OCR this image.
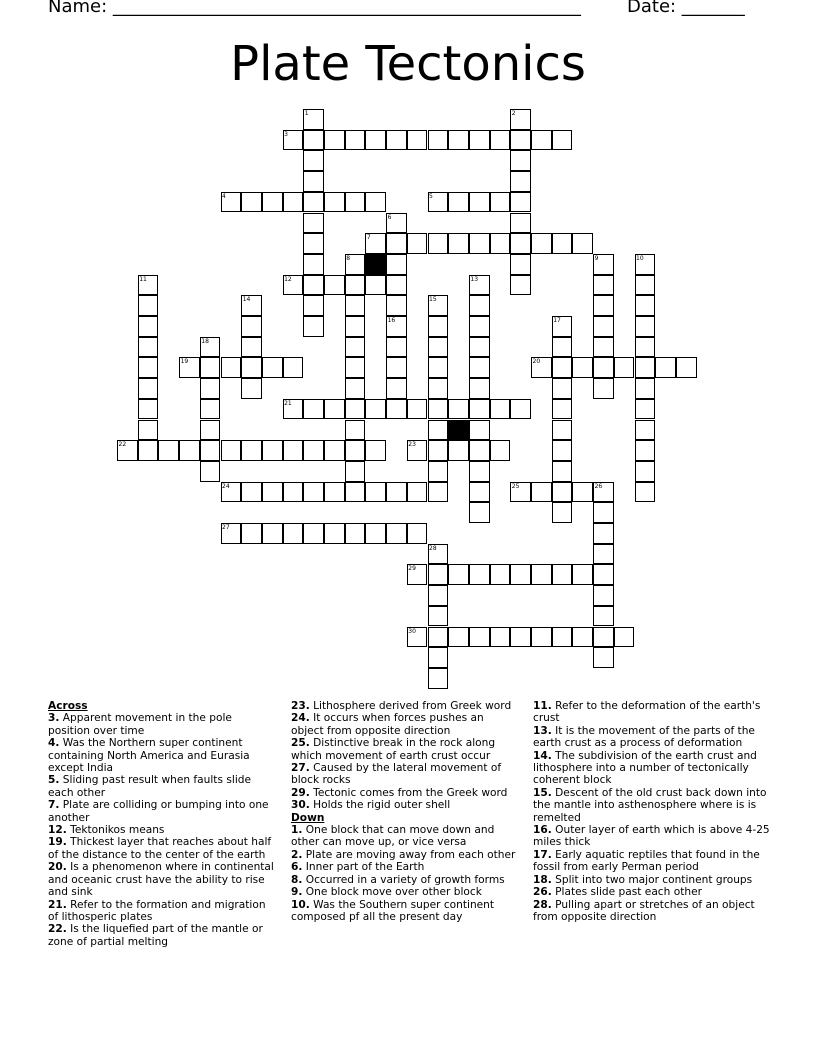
Name: ____________________________________________________	Date: _______
Plate Tectonics
1	2
3
4	5
6
7
8	9	10
11	12	13
14	15
16	17
18
19	20
21
22	23
24	25	26
27
28
29
30
Across
3. Apparent movement in the pole position over time
4. Was the Northern super continent containing North America and Eurasia except India
5. Sliding past result when faults slide each other
7. Plate are colliding or bumping into one another
12. Tektonikos means
19. Thickest layer that reaches about half of the distance to the center of the earth
20. Is a phenomenon where in continental and oceanic crust have the ability to rise and sink
21. Refer to the formation and migration of lithosperic plates
22. Is the liquefied part of the mantle or zone of partial melting
23. Lithosphere derived from Greek word
24. It occurs when forces pushes an object from opposite direction
25. Distinctive break in the rock along which movement of earth crust occur
27. Caused by the lateral movement of block rocks
29. Tectonic comes from the Greek word
30. Holds the rigid outer shell
Down
1. One block that can move down and other can move up, or vice versa
2. Plate are moving away from each other
6. Inner part of the Earth
8. Occurred in a variety of growth forms
9. One block move over other block
10. Was the Southern super continent composed pf all the present day
11. Refer to the deformation of the earth's crust
13. It is the movement of the parts of the earth crust as a process of deformation
14. The subdivision of the earth crust and lithosphere into a number of tectonically coherent block
15. Descent of the old crust back down into the mantle into asthenosphere where is is remelted
16. Outer layer of earth which is above 4-25 miles thick
17. Early aquatic reptiles that found in the fossil from early Perman period
18. Split into two major continent groups
26. Plates slide past each other
28. Pulling apart or stretches of an object from opposite direction
